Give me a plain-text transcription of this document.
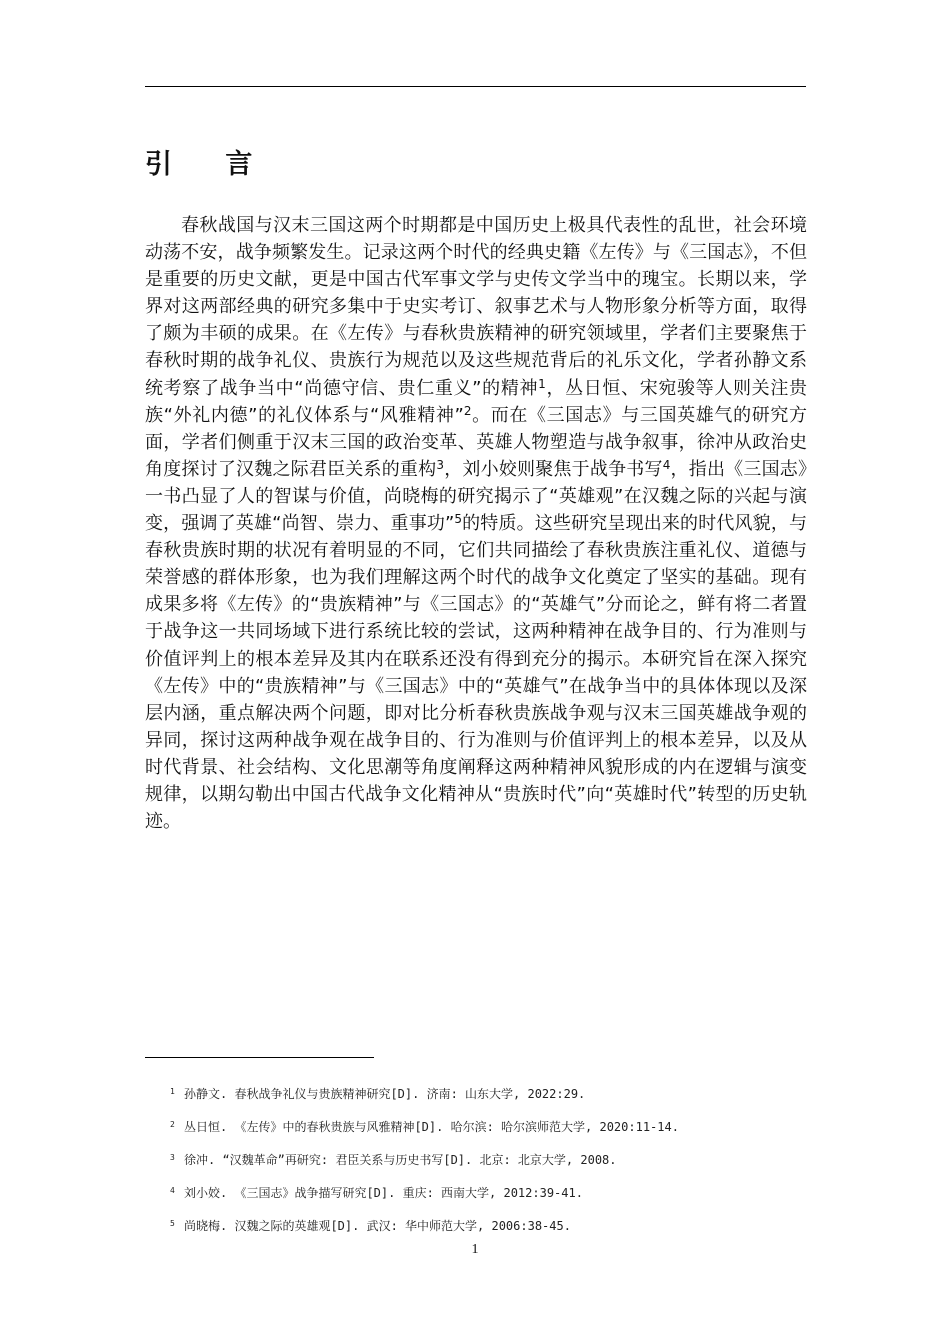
引 言

春秋战国与汉末三国这两个时期都是中国历史上极具代表性的乱世，社会环境动荡不安，战争频繁发生。记录这两个时代的经典史籍《左传》与《三国志》，不但是重要的历史文献，更是中国古代军事文学与史传文学当中的瑰宝。长期以来，学界对这两部经典的研究多集中于史实考订、叙事艺术与人物形象分析等方面，取得了颇为丰硕的成果。在《左传》与春秋贵族精神的研究领域里，学者们主要聚焦于春秋时期的战争礼仪、贵族行为规范以及这些规范背后的礼乐文化，学者孙静文系统考察了战争当中“尚德守信、贵仁重义”的精神$^1$，丛日恒、宋宛骏等人则关注贵族“外礼内德”的礼仪体系与“风雅精神”$^2$。而在《三国志》与三国英雄气的研究方面，学者们侧重于汉末三国的政治变革、英雄人物塑造与战争叙事，徐冲从政治史角度探讨了汉魏之际君臣关系的重构$^3$，刘小姣则聚焦于战争书写$^4$，指出《三国志》一书凸显了人的智谋与价值，尚晓梅的研究揭示了“英雄观”在汉魏之际的兴起与演变，强调了英雄“尚智、崇力、重事功”$^5$的特质。这些研究呈现出来的时代风貌，与春秋贵族时期的状况有着明显的不同，它们共同描绘了春秋贵族注重礼仪、道德与荣誉感的群体形象，也为我们理解这两个时代的战争文化奠定了坚实的基础。现有成果多将《左传》的“贵族精神”与《三国志》的“英雄气”分而论之，鲜有将二者置于战争这一共同场域下进行系统比较的尝试，这两种精神在战争目的、行为准则与价值评判上的根本差异及其内在联系还没有得到充分的揭示。本研究旨在深入探究《左传》中的“贵族精神”与《三国志》中的“英雄气”在战争当中的具体体现以及深层内涵，重点解决两个问题，即对比分析春秋贵族战争观与汉末三国英雄战争观的异同，探讨这两种战争观在战争目的、行为准则与价值评判上的根本差异，以及从时代背景、社会结构、文化思潮等角度阐释这两种精神风貌形成的内在逻辑与演变规律，以期勾勒出中国古代战争文化精神从“贵族时代”向“英雄时代”转型的历史轨迹。

1 孙静文. 春秋战争礼仪与贵族精神研究[D]. 济南: 山东大学, 2022:29.
2 丛日恒. 《左传》中的春秋贵族与风雅精神[D]. 哈尔滨: 哈尔滨师范大学, 2020:11-14.
3 徐冲. “汉魏革命”再研究: 君臣关系与历史书写[D]. 北京: 北京大学, 2008.
4 刘小姣. 《三国志》战争描写研究[D]. 重庆: 西南大学, 2012:39-41.
5 尚晓梅. 汉魏之际的英雄观[D]. 武汉: 华中师范大学, 2006:38-45.
1
